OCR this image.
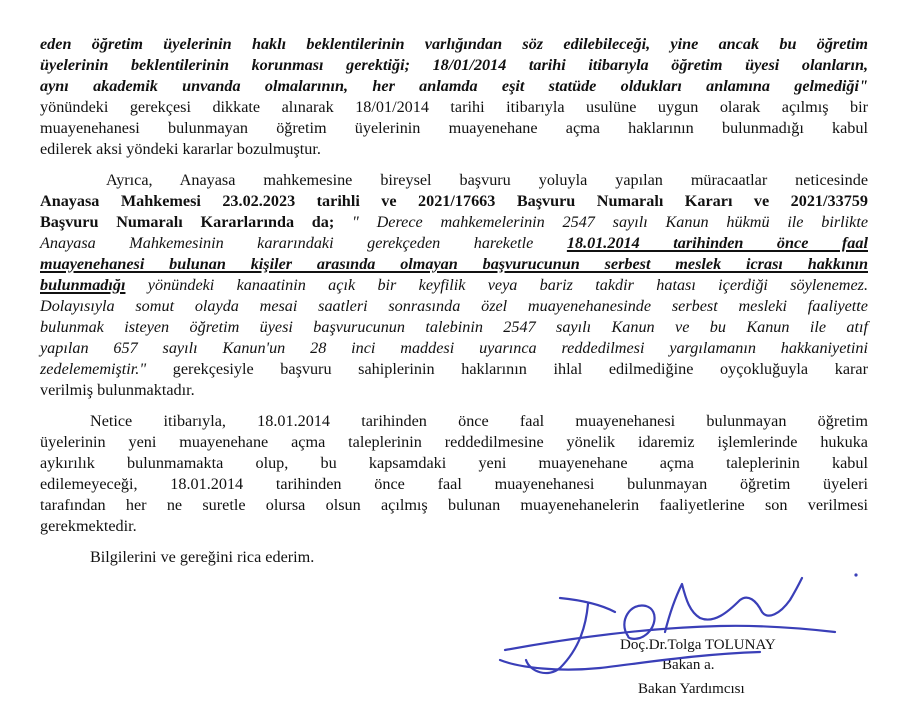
eden öğretim üyelerinin haklı beklentilerinin varlığından söz edilebileceği, yine ancak bu öğretim
üyelerinin beklentilerinin korunması gerektiği; 18/01/2014 tarihi itibarıyla öğretim üyesi olanların,
aynı akademik unvanda olmalarının, her anlamda eşit statüde oldukları anlamına gelmediği"
yönündeki gerekçesi dikkate alınarak 18/01/2014 tarihi itibarıyla usulüne uygun olarak açılmış bir
muayenehanesi bulunmayan öğretim üyelerinin muayenehane açma haklarının bulunmadığı kabul
edilerek aksi yöndeki kararlar bozulmuştur.
Ayrıca, Anayasa mahkemesine bireysel başvuru yoluyla yapılan müracaatlar neticesinde
Anayasa Mahkemesi 23.02.2023 tarihli ve 2021/17663 Başvuru Numaralı Kararı ve 2021/33759
Başvuru Numaralı Kararlarında da; " Derece mahkemelerinin 2547 sayılı Kanun hükmü ile birlikte
Anayasa Mahkemesinin kararındaki gerekçeden hareketle 18.01.2014 tarihinden önce faal
muayenehanesi bulunan kişiler arasında olmayan başvurucunun serbest meslek icrası hakkının
bulunmadığı yönündeki kanaatinin açık bir keyfilik veya bariz takdir hatası içerdiği söylenemez.
Dolayısıyla somut olayda mesai saatleri sonrasında özel muayenehanesinde serbest mesleki faaliyette
bulunmak isteyen öğretim üyesi başvurucunun talebinin 2547 sayılı Kanun ve bu Kanun ile atıf
yapılan 657 sayılı Kanun'un 28 inci maddesi uyarınca reddedilmesi yargılamanın hakkaniyetini
zedelememiştir." gerekçesiyle başvuru sahiplerinin haklarının ihlal edilmediğine oyçokluğuyla karar
verilmiş bulunmaktadır.
Netice itibarıyla, 18.01.2014 tarihinden önce faal muayenehanesi bulunmayan öğretim
üyelerinin yeni muayenehane açma taleplerinin reddedilmesine yönelik idaremiz işlemlerinde hukuka
aykırılık bulunmamakta olup, bu kapsamdaki yeni muayenehane açma taleplerinin kabul
edilemeyeceği, 18.01.2014 tarihinden önce faal muayenehanesi bulunmayan öğretim üyeleri
tarafından her ne suretle olursa olsun açılmış bulunan muayenehanelerin faaliyetlerine son verilmesi
gerekmektedir.
Bilgilerini ve gereğini rica ederim.
Doç.Dr.Tolga TOLUNAY
Bakan a.
Bakan Yardımcısı
